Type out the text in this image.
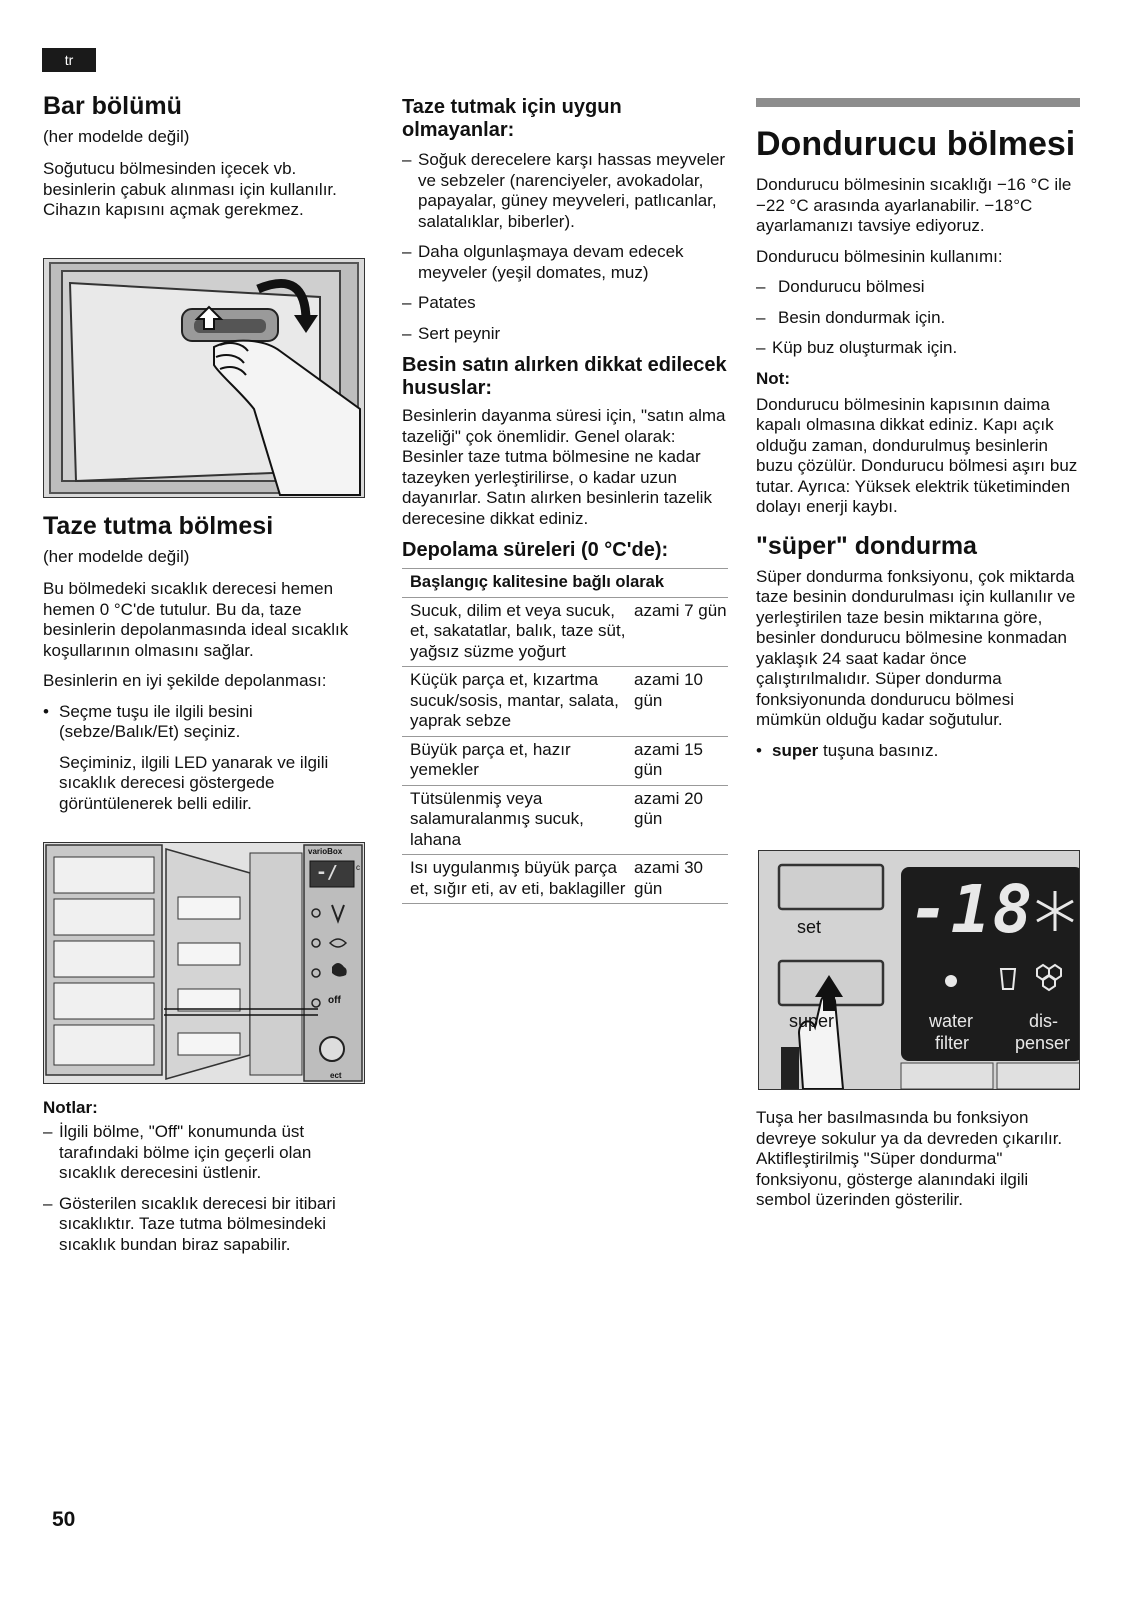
tr
Bar bölümü

(her modelde değil)

Soğutucu bölmesinden içecek vb. besinlerin çabuk alınması için kullanılır. Cihazın kapısını açmak gerekmez.

Taze tutma bölmesi

(her modelde değil)

Bu bölmedeki sıcaklık derecesi hemen hemen 0 °C'de tutulur. Bu da, taze besinlerin depolanmasında ideal sıcaklık koşullarının olmasını sağlar.

Besinlerin en iyi şekilde depolanması:

• Seçme tuşu ile ilgili besini (sebze/Balık/Et) seçiniz.

Seçiminiz, ilgili LED yanarak ve ilgili sıcaklık derecesi göstergede görüntülenerek belli edilir.

varioBox
-/ c
off
ect
Notlar:
– İlgili bölme, "Off" konumunda üst tarafındaki bölme için geçerli olan sıcaklık derecesini üstlenir.
– Gösterilen sıcaklık derecesi bir itibari sıcaklıktır. Taze tutma bölmesindeki sıcaklık bundan biraz sapabilir.
Taze tutmak için uygun olmayanlar:
– Soğuk derecelere karşı hassas meyveler ve sebzeler (narenciyeler, avokadolar, papayalar, güney meyveleri, patlıcanlar, salatalıklar, biberler).
– Daha olgunlaşmaya devam edecek meyveler (yeşil domates, muz)
– Patates
– Sert peynir
Besin satın alırken dikkat edilecek hususlar:

Besinlerin dayanma süresi için, "satın alma tazeliği" çok önemlidir. Genel olarak: Besinler taze tutma bölmesine ne kadar tazeyken yerleştirilirse, o kadar uzun dayanırlar. Satın alırken besinlerin tazelik derecesine dikkat ediniz.

Depolama süreleri (0 °C'de):
Başlangıç kalitesine bağlı olarak	
Sucuk, dilim et veya sucuk, et, sakatatlar, balık, taze süt, yağsız süzme yoğurt	azami 7 gün
Küçük parça et, kızartma sucuk/sosis, mantar, salata, yaprak sebze	azami 10 gün
Büyük parça et, hazır yemekler	azami 15 gün
Tütsülenmiş veya salamuralanmış sucuk, lahana	azami 20 gün
Isı uygulanmış büyük parça et, sığır eti, av eti, baklagiller	azami 30 gün
Dondurucu bölmesi

Dondurucu bölmesinin sıcaklığı −16 °C ile −22 °C arasında ayarlanabilir. −18°C ayarlamanızı tavsiye ediyoruz.

Dondurucu bölmesinin kullanımı:

– Dondurucu bölmesi
– Besin dondurmak için.
– Küp buz oluşturmak için.
Not:

Dondurucu bölmesinin kapısının daima kapalı olmasına dikkat ediniz. Kapı açık olduğu zaman, dondurulmuş besinlerin buzu çözülür. Dondurucu bölmesi aşırı buz tutar. Ayrıca: Yüksek elektrik tüketiminden dolayı enerji kaybı.

"süper" dondurma

Süper dondurma fonksiyonu, çok miktarda taze besinin dondurulması için kullanılır ve yerleştirilen taze besin miktarına göre, besinler dondurucu bölmesine konmadan yaklaşık 24 saat kadar önce çalıştırılmalıdır. Süper dondurma fonksiyonunda dondurucu bölmesi mümkün olduğu kadar soğutulur.

• super tuşuna basınız.
set
super
-18
water
filter
dis-
penser

Tuşa her basılmasında bu fonksiyon devreye sokulur ya da devreden çıkarılır. Aktifleştirilmiş "Süper dondurma" fonksiyonu, gösterge alanındaki ilgili sembol üzerinden gösterilir.

50
